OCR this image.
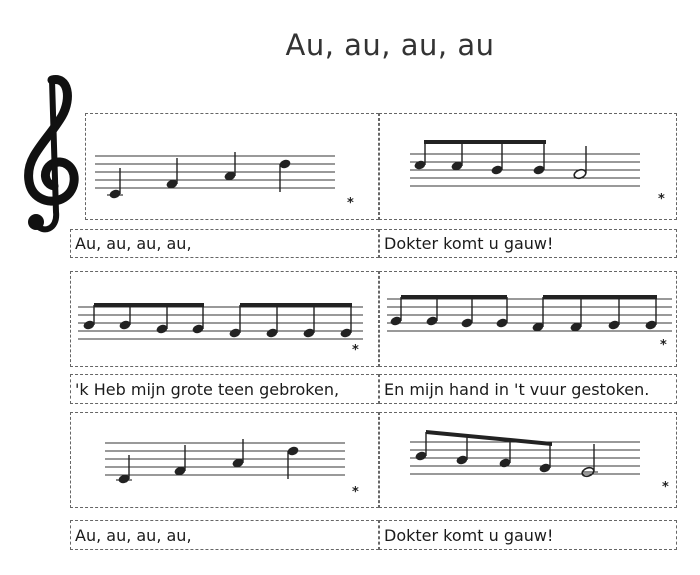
Au, au, au, au
Au, au, au, au,	Dokter komt u gauw!
'k Heb mijn grote teen gebroken,	En mijn hand in 't vuur gestoken.
Au, au, au, au,	Dokter komt u gauw!
*	*
*	*
*	*
